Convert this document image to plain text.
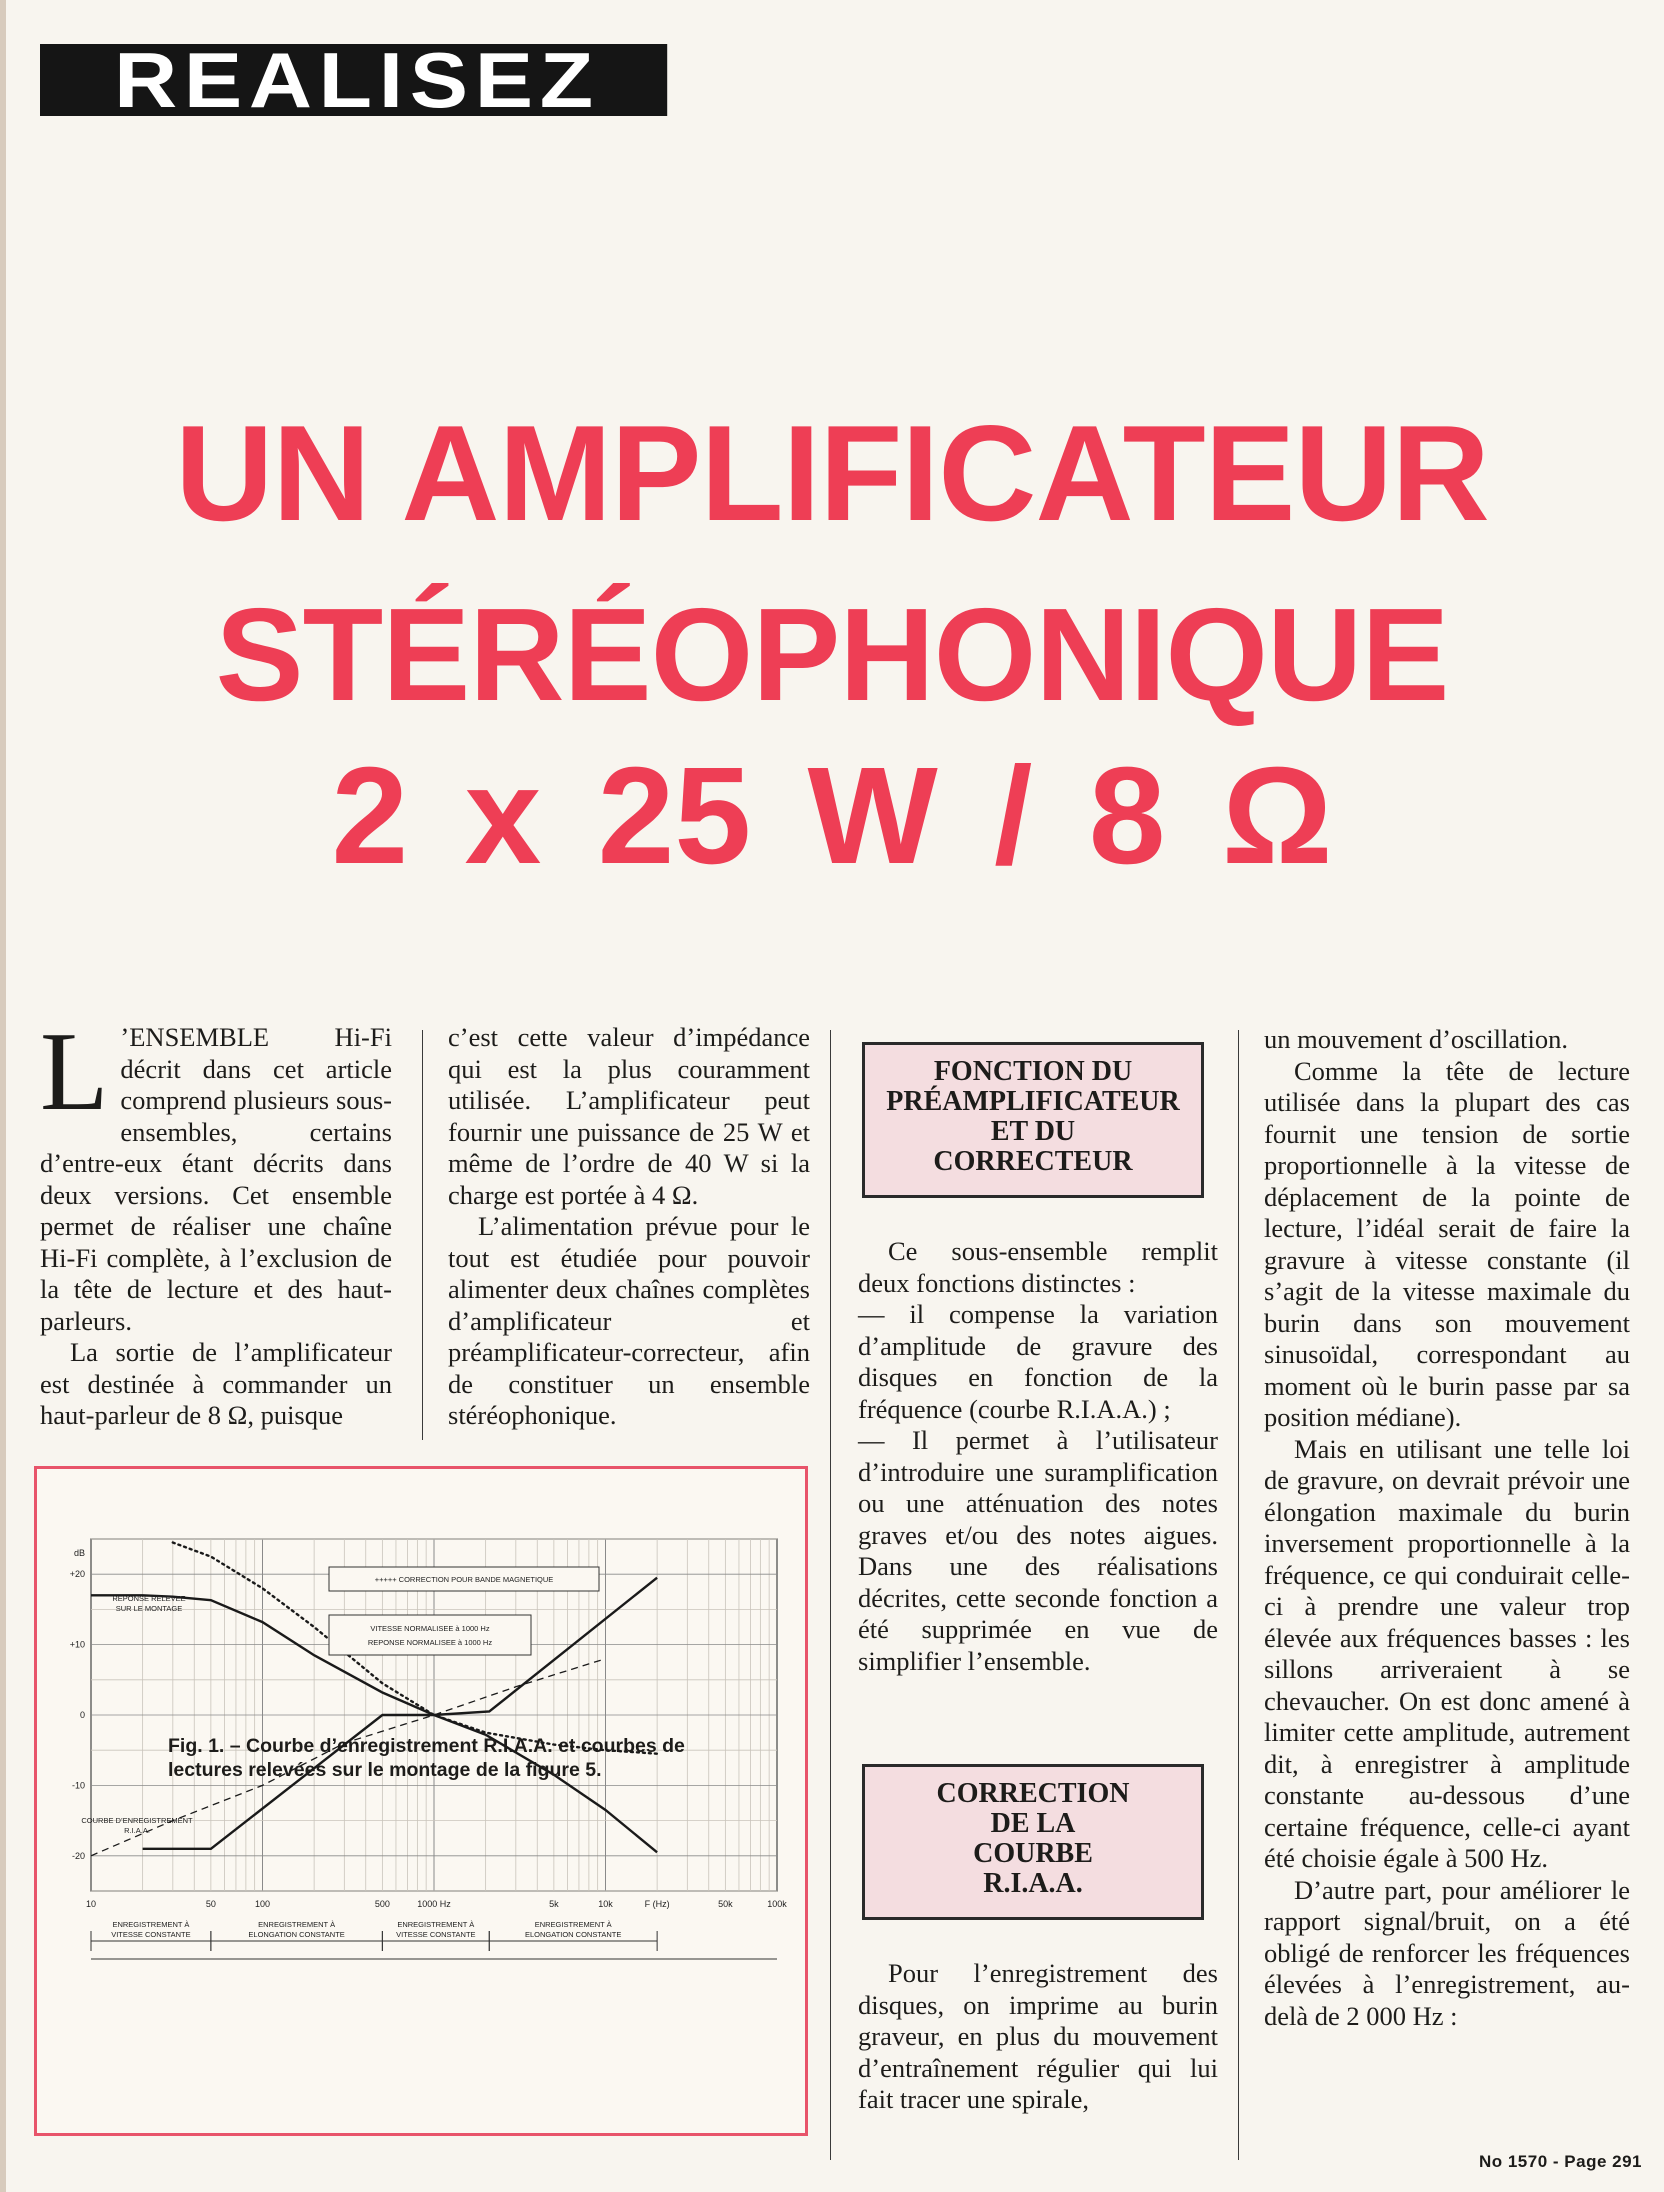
REALISEZ
UN AMPLIFICATEUR
STÉRÉOPHONIQUE
2 x 25 W / 8 Ω

L ’ENSEMBLE Hi-Fi décrit dans cet article comprend plusieurs sous-ensembles, certains d’entre-eux étant décrits dans deux versions. Cet ensemble permet de réaliser une chaîne Hi-Fi complète, à l’exclusion de la tête de lecture et des haut-parleurs.

La sortie de l’amplificateur est destinée à commander un haut-parleur de 8 Ω, puisque

c’est cette valeur d’impédance qui est la plus couramment utilisée. L’amplificateur peut fournir une puissance de 25 W et même de l’ordre de 40 W si la charge est portée à 4 Ω.

L’alimentation prévue pour le tout est étudiée pour pouvoir alimenter deux chaînes complètes d’amplificateur et préamplificateur-correcteur, afin de constituer un ensemble stéréophonique.

FONCTION DU
PRÉAMPLIFICATEUR
ET DU
CORRECTEUR

Ce sous-ensemble remplit deux fonctions distinctes :

— il compense la variation d’amplitude de gravure des disques en fonction de la fréquence (courbe R.I.A.A.) ;

— Il permet à l’utilisateur d’introduire une suramplification ou une atténuation des notes graves et/ou des notes aigues. Dans une des réalisations décrites, cette seconde fonction a été supprimée en vue de simplifier l’ensemble.

CORRECTION
DE LA
COURBE
R.I.A.A.

Pour l’enregistrement des disques, on imprime au burin graveur, en plus du mouvement d’entraînement régulier qui lui fait tracer une spirale,

un mouvement d’oscillation.

Comme la tête de lecture utilisée dans la plupart des cas fournit une tension de sortie proportionnelle à la vitesse de déplacement de la pointe de lecture, l’idéal serait de faire la gravure à vitesse constante (il s’agit de la vitesse maximale du burin dans son mouvement sinusoïdal, correspondant au moment où le burin passe par sa position médiane).

Mais en utilisant une telle loi de gravure, on devrait prévoir une élongation maximale du burin inversement proportionnelle à la fréquence, ce qui conduirait celle-ci à prendre une valeur trop élevée aux fréquences basses : les sillons arriveraient à se chevaucher. On est donc amené à limiter cette amplitude, autrement dit, à enregistrer à amplitude constante au-dessous d’une certaine fréquence, celle-ci ayant été choisie égale à 500 Hz.

D’autre part, pour améliorer le rapport signal/bruit, on a été obligé de renforcer les fréquences élevées à l’enregistrement, au-delà de 2 000 Hz :

10	50	100	500	1000 Hz	5k	10k	F (Hz)	50k	100k
dB
+20
+10
0
-10
-20
+++++ CORRECTION POUR BANDE MAGNETIQUE
VITESSE NORMALISEE à 1000 Hz
REPONSE NORMALISEE à 1000 Hz
REPONSE RELEVEE
SUR LE MONTAGE
COURBE D’ENREGISTREMENT
R.I.A.A.
ENREGISTREMENT À
VITESSE CONSTANTE
ENREGISTREMENT À
ELONGATION CONSTANTE
ENREGISTREMENT À
VITESSE CONSTANTE
ENREGISTREMENT À
ELONGATION CONSTANTE
Fig. 1. – Courbe d’enregistrement R.I.A.A. et courbes de lectures relevées sur le montage de la figure 5.
No 1570 - Page 291
